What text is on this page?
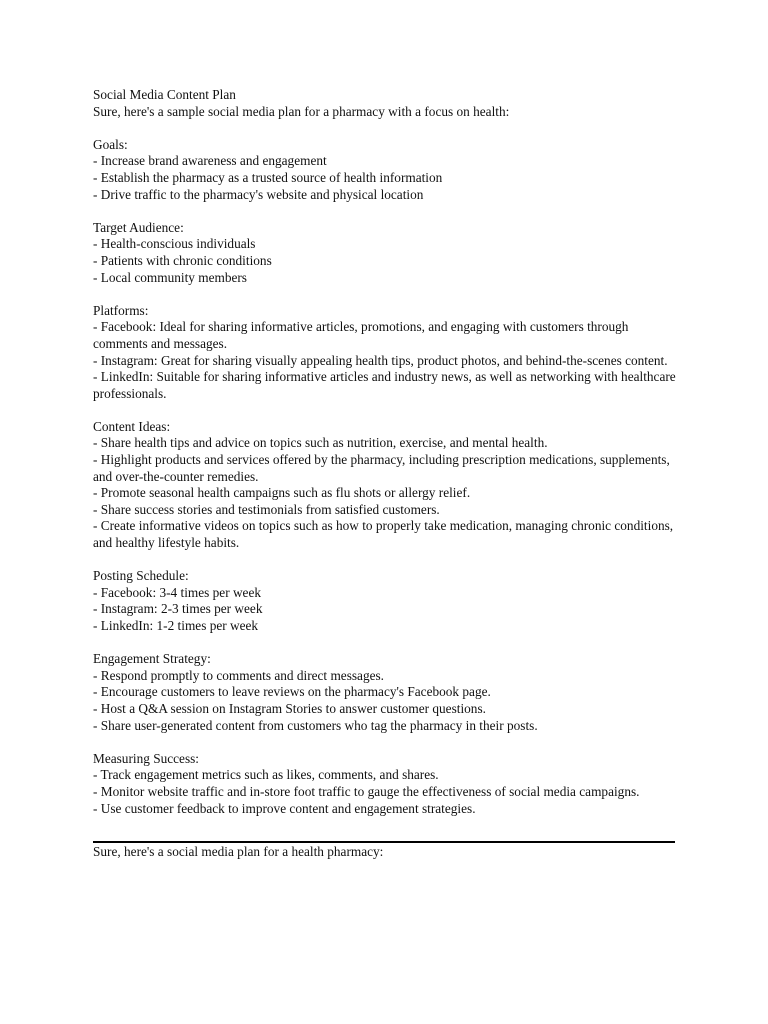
Social Media Content Plan
Sure, here's a sample social media plan for a pharmacy with a focus on health:
Goals:
- Increase brand awareness and engagement
- Establish the pharmacy as a trusted source of health information
- Drive traffic to the pharmacy's website and physical location
Target Audience:
- Health-conscious individuals
- Patients with chronic conditions
- Local community members
Platforms:
- Facebook: Ideal for sharing informative articles, promotions, and engaging with customers through comments and messages.
- Instagram: Great for sharing visually appealing health tips, product photos, and behind-the-scenes content.
- LinkedIn: Suitable for sharing informative articles and industry news, as well as networking with healthcare professionals.
Content Ideas:
- Share health tips and advice on topics such as nutrition, exercise, and mental health.
- Highlight products and services offered by the pharmacy, including prescription medications, supplements, and over-the-counter remedies.
- Promote seasonal health campaigns such as flu shots or allergy relief.
- Share success stories and testimonials from satisfied customers.
- Create informative videos on topics such as how to properly take medication, managing chronic conditions, and healthy lifestyle habits.
Posting Schedule:
- Facebook: 3-4 times per week
- Instagram: 2-3 times per week
- LinkedIn: 1-2 times per week
Engagement Strategy:
- Respond promptly to comments and direct messages.
- Encourage customers to leave reviews on the pharmacy's Facebook page.
- Host a Q&A session on Instagram Stories to answer customer questions.
- Share user-generated content from customers who tag the pharmacy in their posts.
Measuring Success:
- Track engagement metrics such as likes, comments, and shares.
- Monitor website traffic and in-store foot traffic to gauge the effectiveness of social media campaigns.
- Use customer feedback to improve content and engagement strategies.
Sure, here's a social media plan for a health pharmacy:
